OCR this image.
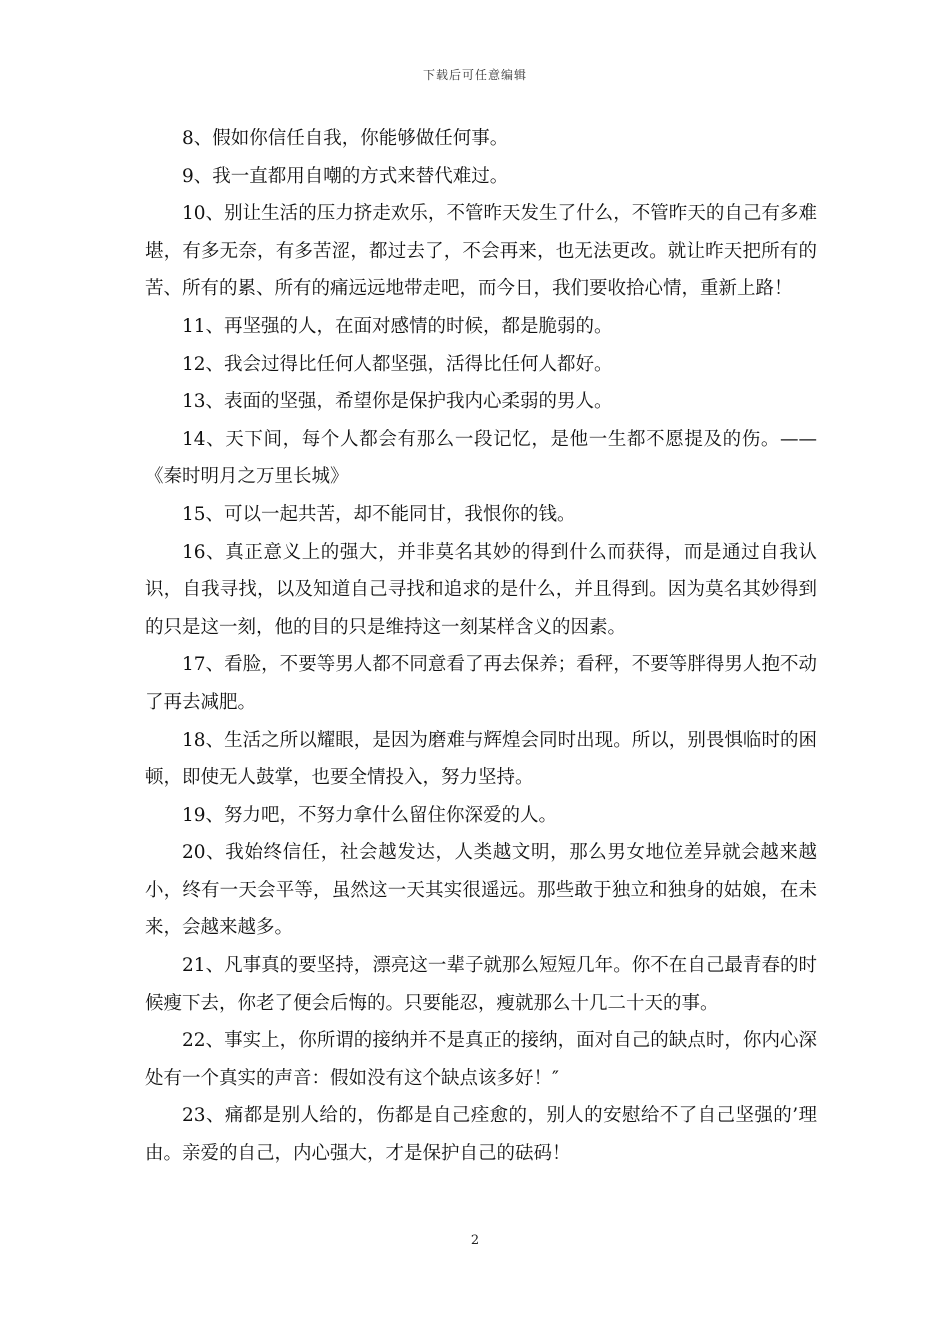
下载后可任意编辑

8、假如你信任自我，你能够做任何事。

9、我一直都用自嘲的方式来替代难过。

10、别让生活的压力挤走欢乐，不管昨天发生了什么，不管昨天的自己有多难堪，有多无奈，有多苦涩，都过去了，不会再来，也无法更改。就让昨天把所有的苦、所有的累、所有的痛远远地带走吧，而今日，我们要收拾心情，重新上路！

11、再坚强的人，在面对感情的时候，都是脆弱的。

12、我会过得比任何人都坚强，活得比任何人都好。

13、表面的坚强，希望你是保护我内心柔弱的男人。

14、天下间，每个人都会有那么一段记忆，是他一生都不愿提及的伤。——《秦时明月之万里长城》

15、可以一起共苦，却不能同甘，我恨你的钱。

16、真正意义上的强大，并非莫名其妙的得到什么而获得，而是通过自我认识，自我寻找，以及知道自己寻找和追求的是什么，并且得到。因为莫名其妙得到的只是这一刻，他的目的只是维持这一刻某样含义的因素。

17、看脸，不要等男人都不同意看了再去保养；看秤，不要等胖得男人抱不动了再去减肥。

18、生活之所以耀眼，是因为磨难与辉煌会同时出现。所以，别畏惧临时的困顿，即使无人鼓掌，也要全情投入，努力坚持。

19、努力吧，不努力拿什么留住你深爱的人。

20、我始终信任，社会越发达，人类越文明，那么男女地位差异就会越来越小，终有一天会平等，虽然这一天其实很遥远。那些敢于独立和独身的姑娘，在未来，会越来越多。

21、凡事真的要坚持，漂亮这一辈子就那么短短几年。你不在自己最青春的时候瘦下去，你老了便会后悔的。只要能忍，瘦就那么十几二十天的事。

22、事实上，你所谓的接纳并不是真正的接纳，面对自己的缺点时，你内心深处有一个真实的声音：假如没有这个缺点该多好！″

23、痛都是别人给的，伤都是自己痊愈的，别人的安慰给不了自己坚强的’理由。亲爱的自己，内心强大，才是保护自己的砝码！

2
